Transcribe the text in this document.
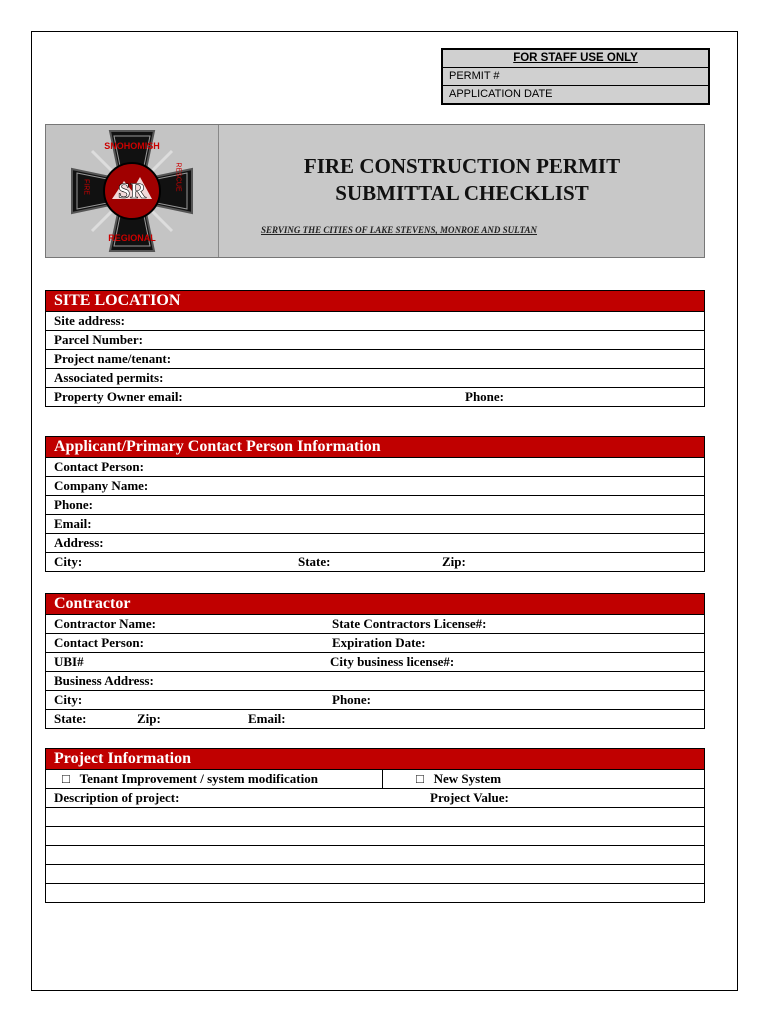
FOR STAFF USE ONLY
PERMIT #
APPLICATION DATE
SR
SNOHOMISH
REGIONAL
FIRE	RESCUE	FIRE CONSTRUCTION PERMIT
SUBMITTAL CHECKLIST
SERVING THE CITIES OF LAKE STEVENS, MONROE AND SULTAN
SITE LOCATION
Site address:
Parcel Number:
Project name/tenant:
Associated permits:
Property Owner email:	Phone:
Applicant/Primary Contact Person Information
Contact Person:
Company Name:
Phone:
Email:
Address:
City:	State:	Zip:
Contractor
Contractor Name:	State Contractors License#:
Contact Person:	Expiration Date:
UBI#	City business license#:
Business Address:
City:	Phone:
State:	Zip:	Email:
Project Information
□ Tenant Improvement / system modification	□ New System
Description of project:	Project Value:
